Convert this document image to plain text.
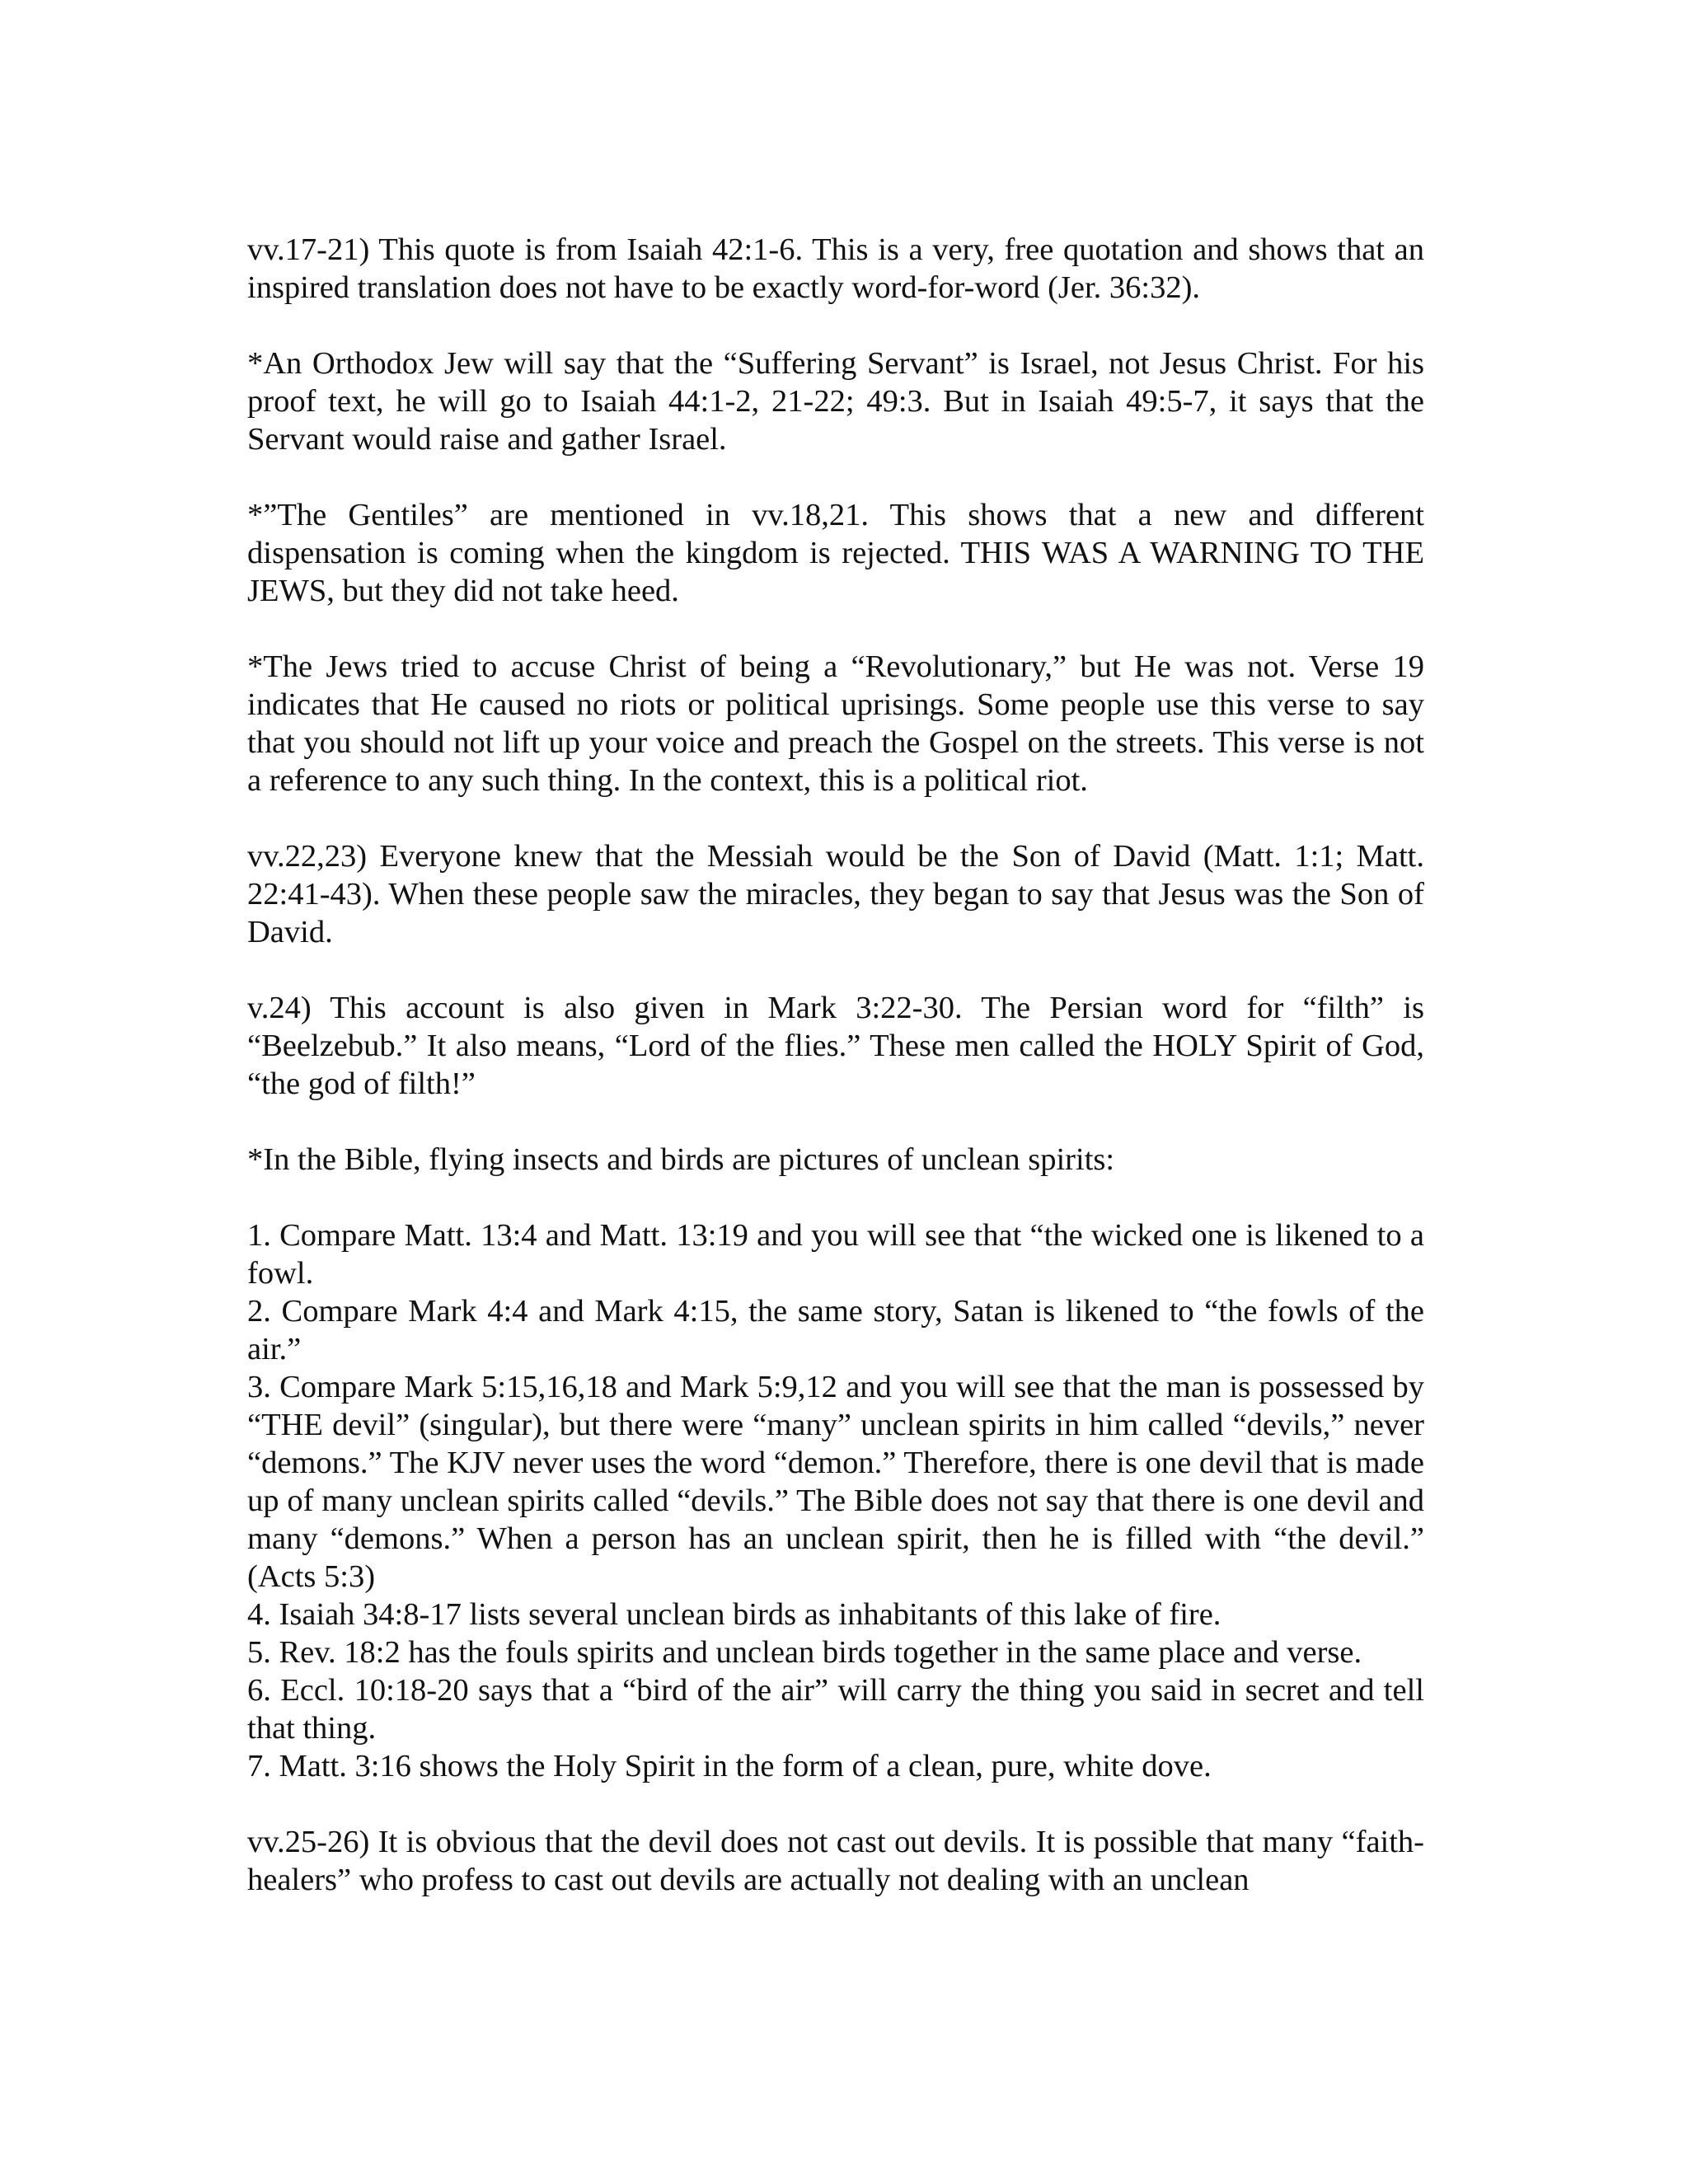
vv.17-21) This quote is from Isaiah 42:1-6. This is a very, free quotation and shows that an inspired translation does not have to be exactly word-for-word (Jer. 36:32).

*An Orthodox Jew will say that the “Suffering Servant” is Israel, not Jesus Christ. For his proof text, he will go to Isaiah 44:1-2, 21-22; 49:3. But in Isaiah 49:5-7, it says that the Servant would raise and gather Israel.

*”The Gentiles” are mentioned in vv.18,21. This shows that a new and different dispensation is coming when the kingdom is rejected. THIS WAS A WARNING TO THE JEWS, but they did not take heed.

*The Jews tried to accuse Christ of being a “Revolutionary,” but He was not. Verse 19 indicates that He caused no riots or political uprisings. Some people use this verse to say that you should not lift up your voice and preach the Gospel on the streets. This verse is not a reference to any such thing. In the context, this is a political riot.

vv.22,23) Everyone knew that the Messiah would be the Son of David (Matt. 1:1; Matt. 22:41-43). When these people saw the miracles, they began to say that Jesus was the Son of David.

v.24) This account is also given in Mark 3:22-30. The Persian word for “filth” is “Beelzebub.” It also means, “Lord of the flies.” These men called the HOLY Spirit of God, “the god of filth!”

*In the Bible, flying insects and birds are pictures of unclean spirits:

1. Compare Matt. 13:4 and Matt. 13:19 and you will see that “the wicked one is likened to a fowl.

2. Compare Mark 4:4 and Mark 4:15, the same story, Satan is likened to “the fowls of the air.”

3. Compare Mark 5:15,16,18 and Mark 5:9,12 and you will see that the man is possessed by “THE devil” (singular), but there were “many” unclean spirits in him called “devils,” never “demons.” The KJV never uses the word “demon.” Therefore, there is one devil that is made up of many unclean spirits called “devils.” The Bible does not say that there is one devil and many “demons.” When a person has an unclean spirit, then he is filled with “the devil.” (Acts 5:3)

4. Isaiah 34:8-17 lists several unclean birds as inhabitants of this lake of fire.

5. Rev. 18:2 has the fouls spirits and unclean birds together in the same place and verse.

6. Eccl. 10:18-20 says that a “bird of the air” will carry the thing you said in secret and tell that thing.

7. Matt. 3:16 shows the Holy Spirit in the form of a clean, pure, white dove.

vv.25-26) It is obvious that the devil does not cast out devils. It is possible that many “faith-healers” who profess to cast out devils are actually not dealing with an unclean
